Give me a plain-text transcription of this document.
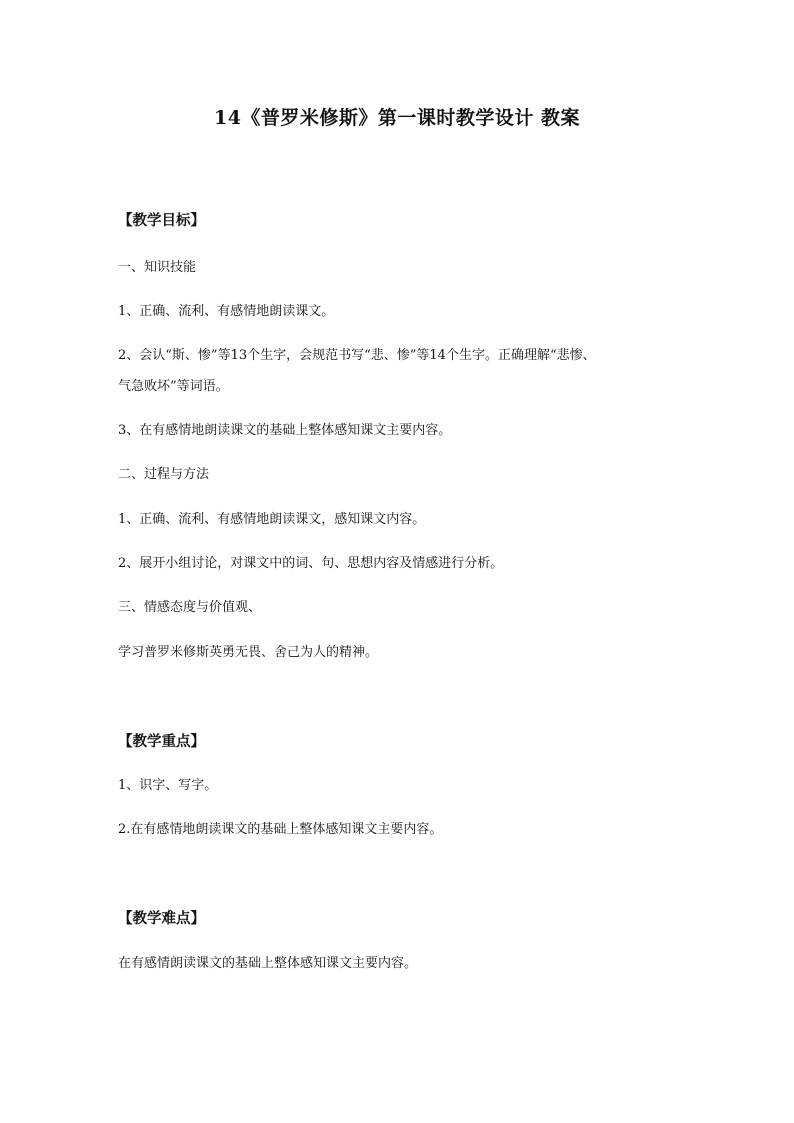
14《普罗米修斯》第一课时教学设计 教案
【教学目标】
一、知识技能
1、正确、流利、有感情地朗读课文。
2、会认“斯、惨”等13个生字，会规范书写“悲、惨”等14个生字。正确理解“悲惨、
气急败坏”等词语。
3、在有感情地朗读课文的基础上整体感知课文主要内容。
二、过程与方法
1、正确、流利、有感情地朗读课文，感知课文内容。
2、展开小组讨论，对课文中的词、句、思想内容及情感进行分析。
三、情感态度与价值观、
学习普罗米修斯英勇无畏、舍己为人的精神。
【教学重点】
1、识字、写字。
2.在有感情地朗读课文的基础上整体感知课文主要内容。
【教学难点】
在有感情朗读课文的基础上整体感知课文主要内容。
